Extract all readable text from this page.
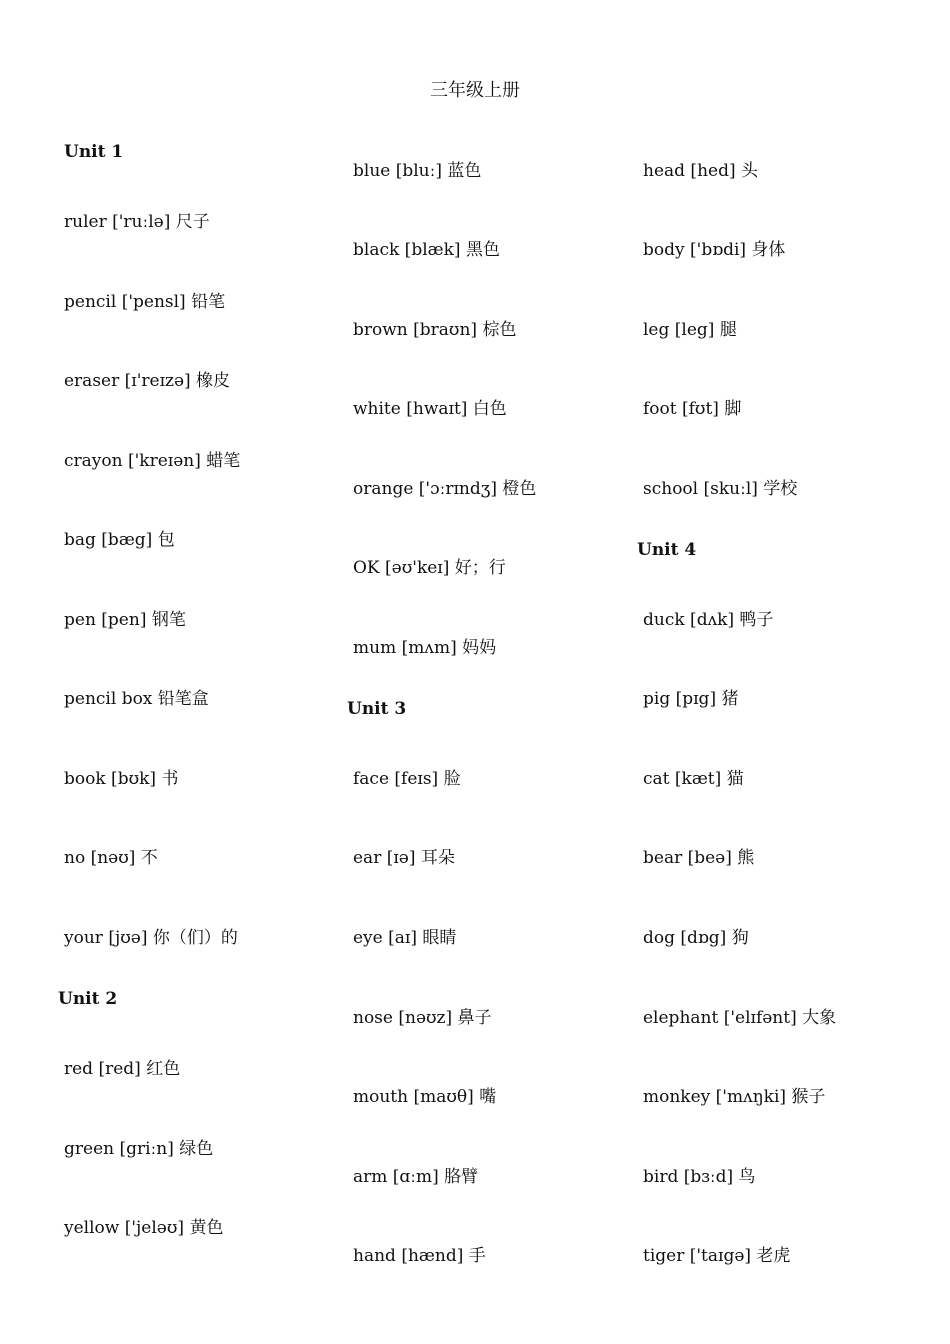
三年级上册
Unit 1
ruler ['ruːlə] 尺子
pencil ['pensl] 铅笔
eraser [ɪ'reɪzə] 橡皮
crayon ['kreɪən] 蜡笔
bag [bæg] 包
pen [pen] 钢笔
pencil box 铅笔盒
book [bʊk] 书
no [nəʊ] 不
your [jʊə] 你（们）的
Unit 2
red [red] 红色
green [griːn] 绿色
yellow ['jeləʊ] 黄色
blue [bluː] 蓝色
black [blæk] 黑色
brown [braʊn] 棕色
white [hwaɪt] 白色
orange ['ɔːrɪndʒ] 橙色
OK [əʊ'keɪ] 好；行
mum [mʌm] 妈妈
Unit 3
face [feɪs] 脸
ear [ɪə] 耳朵
eye [aɪ] 眼睛
nose [nəʊz] 鼻子
mouth [maʊθ] 嘴
arm [ɑːm] 胳臂
hand [hænd] 手
head [hed] 头
body ['bɒdi] 身体
leg [leg] 腿
foot [fʊt] 脚
school [skuːl] 学校
Unit 4
duck [dʌk] 鸭子
pig [pɪg] 猪
cat [kæt] 猫
bear [beə] 熊
dog [dɒg] 狗
elephant ['elɪfənt] 大象
monkey ['mʌŋki] 猴子
bird [bɜːd] 鸟
tiger ['taɪgə] 老虎
